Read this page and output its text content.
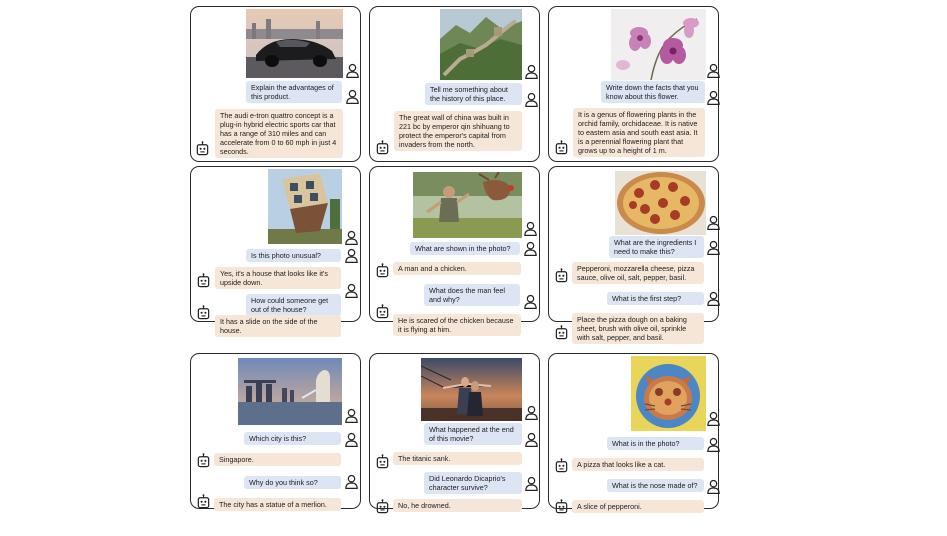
Explain the advantages of this product.
The audi e-tron quattro concept is a plug-in hybrid electric sports car that has a range of 310 miles and can accelerate from 0 to 60 mph in just 4 seconds.
Tell me something about the history of this place.
The great wall of china was built in 221 bc by emperor qin shihuang to protect the emperor's capital from invaders from the north.
Write down the facts that you know about this flower.
It is a genus of flowering plants in the orchid family, orchidaceae. It is native to eastern asia and south east asia. It is a perennial flowering plant that grows up to a height of 1 m.
Is this photo unusual?
Yes, it's a house that looks like it's upside down.
How could someone get out of the house?
It has a slide on the side of the house.
What are shown in the photo?
A man and a chicken.
What does the man feel and why?
He is scared of the chicken because it is flying at him.
What are the ingredients I need to make this?
Pepperoni, mozzarella cheese, pizza sauce, olive oil, salt, pepper, basil.
What is the first step?
Place the pizza dough on a baking sheet, brush with olive oil, sprinkle with salt, pepper, and basil.
Which city is this?
Singapore.
Why do you think so?
The city has a statue of a merlion.
What happened at the end of this movie?
The titanic sank.
Did Leonardo Dicaprio's character survive?
No, he drowned.
What is in the photo?
A pizza that looks like a cat.
What is the nose made of?
A slice of pepperoni.
